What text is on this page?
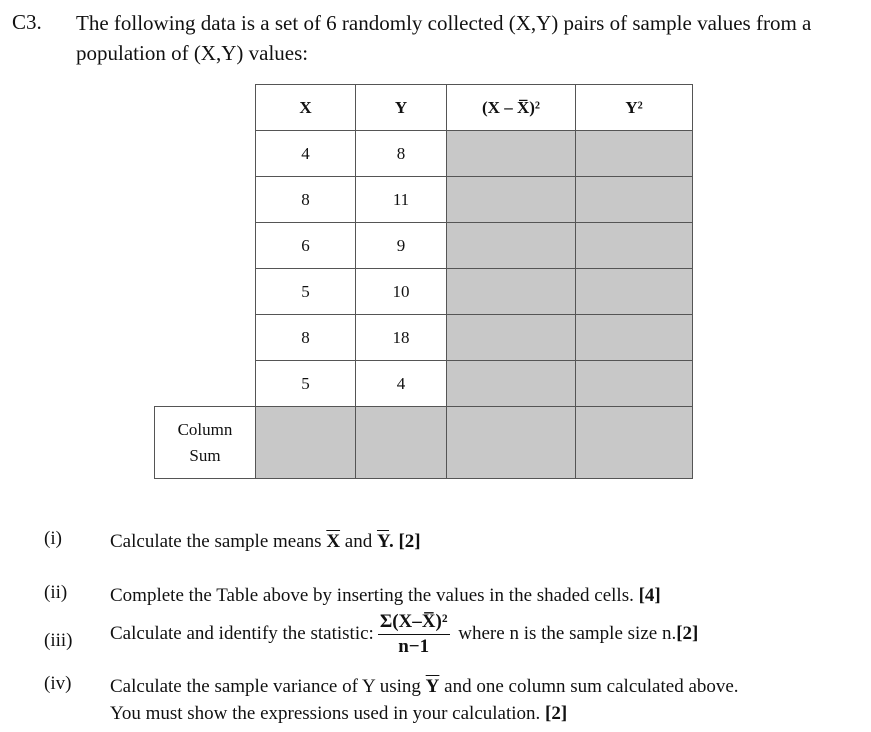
C3. The following data is a set of 6 randomly collected (X,Y) pairs of sample values from a population of (X,Y) values:
	X	Y	(X – X̅)²	Y²
	4	8		
	8	11		
	6	9		
	5	10		
	8	18		
	5	4		
Column
Sum				
(i)	Calculate the sample means $\overline{X}$ and $\overline{Y}$. [2]
(ii) Complete the Table above by inserting the values in the shaded cells. [4]
(iii) Calculate and identify the statistic: $\frac{\text{Σ(X–X̅)²}}{n-1}$ where n is the sample size n.[2]
(iv) Calculate the sample variance of Y using $\overline{Y}$ and one column sum calculated above.
You must show the expressions used in your calculation. [2]
